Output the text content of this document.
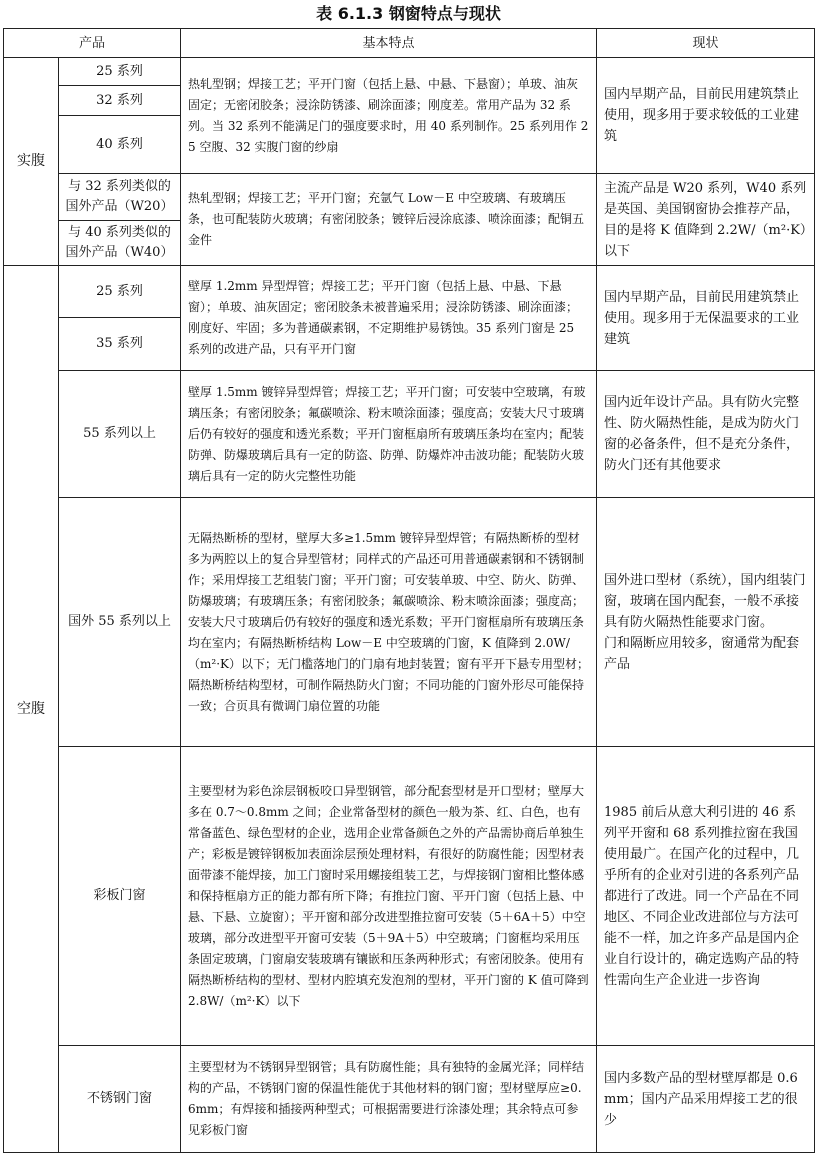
表 6.1.3 钢窗特点与现状
产品		基本特点	现状
实腹	25 系列	热轧型钢；焊接工艺；平开门窗（包括上悬、中悬、下悬窗）；单玻、油灰固定；无密闭胶条；浸涂防锈漆、刷涂面漆；刚度差。常用产品为 32 系列。当 32 系列不能满足门的强度要求时，用 40 系列制作。25 系列用作 25 空腹、32 实腹门窗的纱扇	国内早期产品，目前民用建筑禁止使用，现多用于要求较低的工业建筑
	32 系列		
	40 系列		
	与 32 系列类似的国外产品（W20）	热轧型钢；焊接工艺；平开门窗；充氩气 Low－E 中空玻璃、有玻璃压条，也可配装防火玻璃；有密闭胶条；镀锌后浸涂底漆、喷涂面漆；配铜五金件	主流产品是 W20 系列，W40 系列是英国、美国钢窗协会推荐产品，目的是将 K 值降到 2.2W/（m²·K）以下
	与 40 系列类似的国外产品（W40）		
空腹	25 系列	壁厚 1.2mm 异型焊管；焊接工艺；平开门窗（包括上悬、中悬、下悬窗）；单玻、油灰固定；密闭胶条未被普遍采用；浸涂防锈漆、刷涂面漆；刚度好、牢固；多为普通碳素钢，不定期维护易锈蚀。35 系列门窗是 25 系列的改进产品，只有平开门窗	国内早期产品，目前民用建筑禁止使用。现多用于无保温要求的工业建筑
	35 系列		
	55 系列以上	壁厚 1.5mm 镀锌异型焊管；焊接工艺；平开门窗；可安装中空玻璃，有玻璃压条；有密闭胶条；氟碳喷涂、粉末喷涂面漆；强度高；安装大尺寸玻璃后仍有较好的强度和透光系数；平开门窗框扇所有玻璃压条均在室内；配装防弹、防爆玻璃后具有一定的防盗、防弹、防爆炸冲击波功能；配装防火玻璃后具有一定的防火完整性功能	国内近年设计产品。具有防火完整性、防火隔热性能，是成为防火门窗的必备条件，但不是充分条件，防火门还有其他要求
	国外 55 系列以上	无隔热断桥的型材，壁厚大多≥1.5mm 镀锌异型焊管；有隔热断桥的型材多为两腔以上的复合异型管材；同样式的产品还可用普通碳素钢和不锈钢制作；采用焊接工艺组装门窗；平开门窗；可安装单玻、中空、防火、防弹、防爆玻璃；有玻璃压条；有密闭胶条；氟碳喷涂、粉末喷涂面漆；强度高；安装大尺寸玻璃后仍有较好的强度和透光系数；平开门窗框扇所有玻璃压条均在室内；有隔热断桥结构 Low－E 中空玻璃的门窗，K 值降到 2.0W/（m²·K）以下；无门槛落地门的门扇有地封装置；窗有平开下悬专用型材；隔热断桥结构型材，可制作隔热防火门窗；不同功能的门窗外形尽可能保持一致；合页具有微调门扇位置的功能	国外进口型材（系统），国内组装门窗，玻璃在国内配套，一般不承接具有防火隔热性能要求门窗。
门和隔断应用较多，窗通常为配套产品
	彩板门窗	主要型材为彩色涂层钢板咬口异型钢管，部分配套型材是开口型材；壁厚大多在 0.7～0.8mm 之间；企业常备型材的颜色一般为茶、红、白色，也有常备蓝色、绿色型材的企业，选用企业常备颜色之外的产品需协商后单独生产；彩板是镀锌钢板加表面涂层预处理材料，有很好的防腐性能；因型材表面带漆不能焊接，加工门窗时采用螺接组装工艺，与焊接钢门窗相比整体感和保持框扇方正的能力都有所下降；有推拉门窗、平开门窗（包括上悬、中悬、下悬、立旋窗）；平开窗和部分改进型推拉窗可安装（5＋6A＋5）中空玻璃，部分改进型平开窗可安装（5＋9A＋5）中空玻璃；门窗框均采用压条固定玻璃，门窗扇安装玻璃有镶嵌和压条两种形式；有密闭胶条。使用有隔热断桥结构的型材、型材内腔填充发泡剂的型材，平开门窗的 K 值可降到 2.8W/（m²·K）以下	1985 前后从意大利引进的 46 系列平开窗和 68 系列推拉窗在我国使用最广。在国产化的过程中，几乎所有的企业对引进的各系列产品都进行了改进。同一个产品在不同地区、不同企业改进部位与方法可能不一样，加之许多产品是国内企业自行设计的，确定选购产品的特性需向生产企业进一步咨询
	不锈钢门窗	主要型材为不锈钢异型钢管；具有防腐性能；具有独特的金属光泽；同样结构的产品，不锈钢门窗的保温性能优于其他材料的钢门窗；型材壁厚应≥0.6mm；有焊接和插接两种型式；可根据需要进行涂漆处理；其余特点可参见彩板门窗	国内多数产品的型材壁厚都是 0.6mm；国内产品采用焊接工艺的很少
